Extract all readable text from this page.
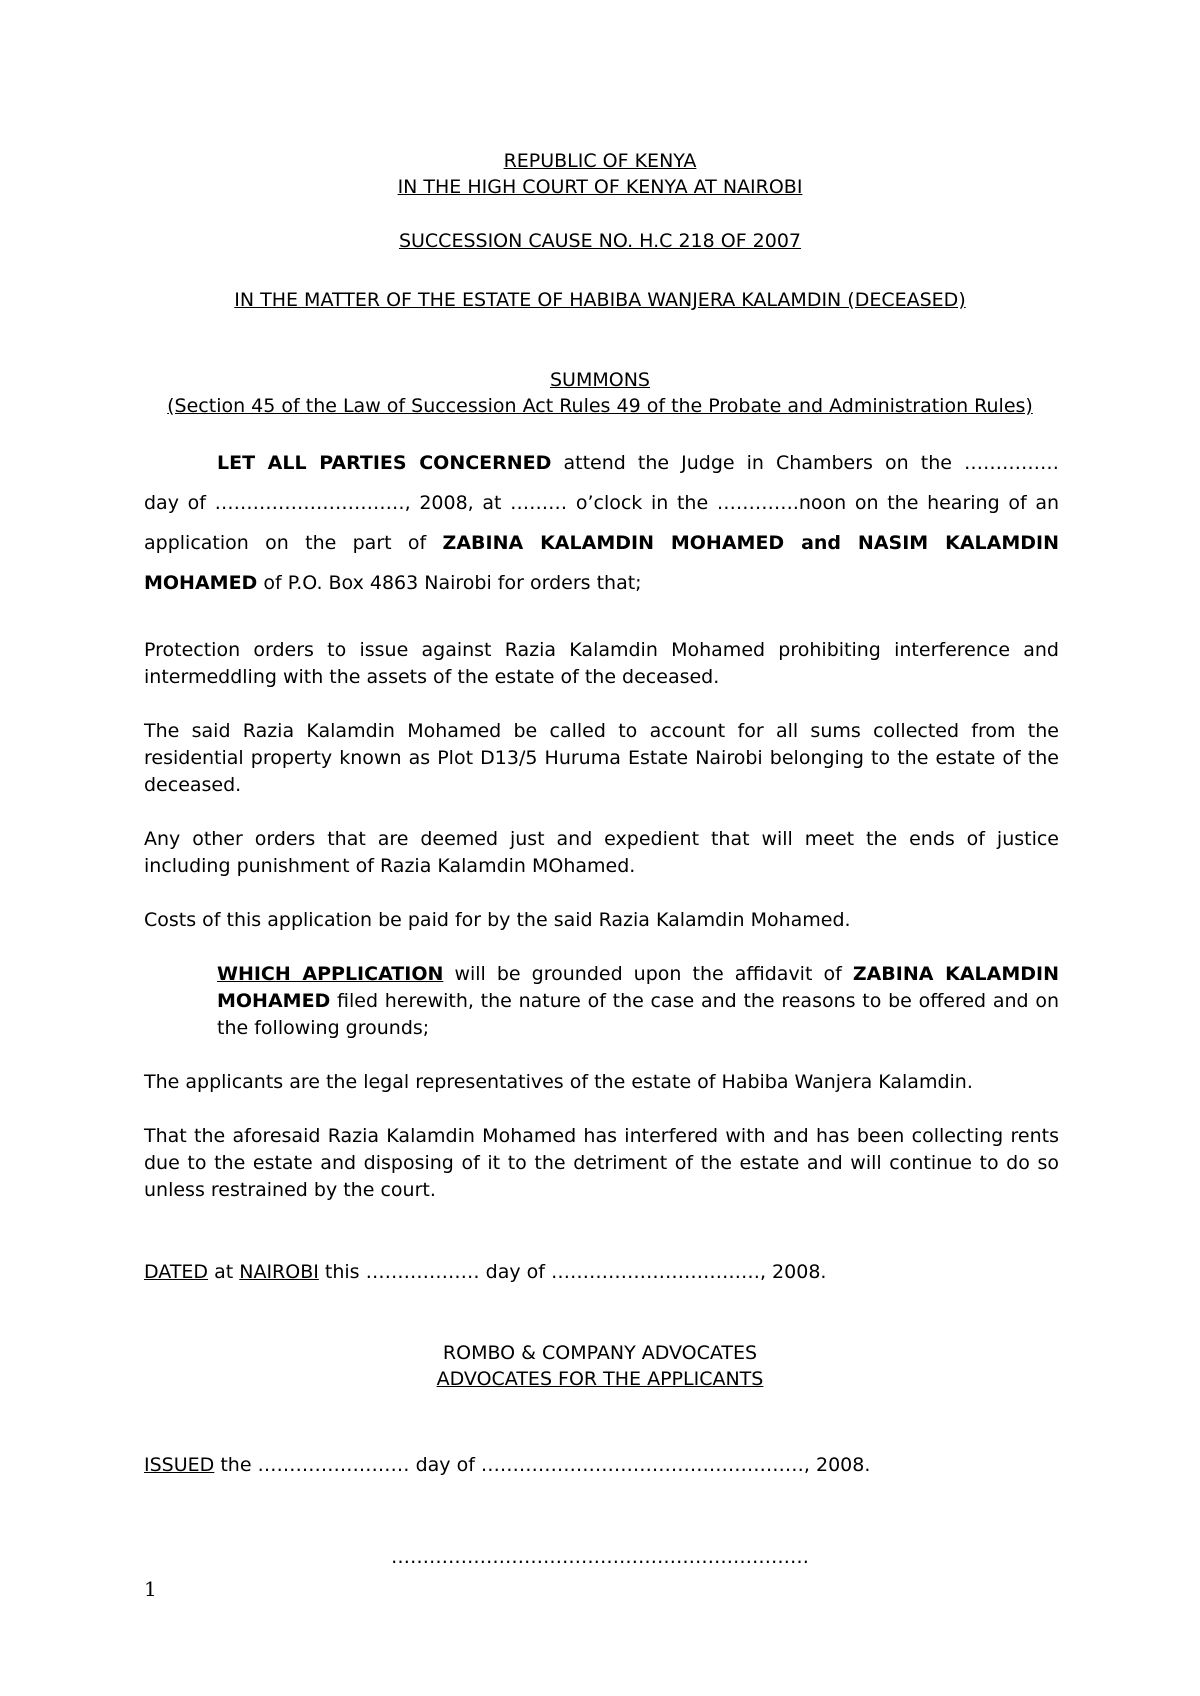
REPUBLIC OF KENYA
IN THE HIGH COURT OF KENYA AT NAIROBI
SUCCESSION CAUSE NO. H.C 218 OF 2007
IN THE MATTER OF THE ESTATE OF HABIBA WANJERA KALAMDIN (DECEASED)
SUMMONS
(Section 45 of the Law of Succession Act Rules 49 of the Probate and Administration Rules)
LET ALL PARTIES CONCERNED attend the Judge in Chambers on the ……………
day of …………………………, 2008, at ……… o’clock in the ………….noon on the hearing of an
application on the part of ZABINA KALAMDIN MOHAMED and NASIM KALAMDIN
MOHAMED of P.O. Box 4863 Nairobi for orders that;
Protection orders to issue against Razia Kalamdin Mohamed prohibiting interference and intermeddling with the assets of the estate of the deceased.
The said Razia Kalamdin Mohamed be called to account for all sums collected from the residential property known as Plot D13/5 Huruma Estate Nairobi belonging to the estate of the deceased.
Any other orders that are deemed just and expedient that will meet the ends of justice including punishment of Razia Kalamdin MOhamed.
Costs of this application be paid for by the said Razia Kalamdin Mohamed.
WHICH APPLICATION will be grounded upon the affidavit of ZABINA KALAMDIN MOHAMED filed herewith, the nature of the case and the reasons to be offered and on the following grounds;
The applicants are the legal representatives of the estate of Habiba Wanjera Kalamdin.
That the aforesaid Razia Kalamdin Mohamed has interfered with and has been collecting rents due to the estate and disposing of it to the detriment of the estate and will continue to do so unless restrained by the court.
DATED at NAIROBI this ……………… day of ……………………………, 2008.
ROMBO & COMPANY ADVOCATES
ADVOCATES FOR THE APPLICANTS
ISSUED the …………………… day of ……………………………………………, 2008.
…………………………………………………………
1
